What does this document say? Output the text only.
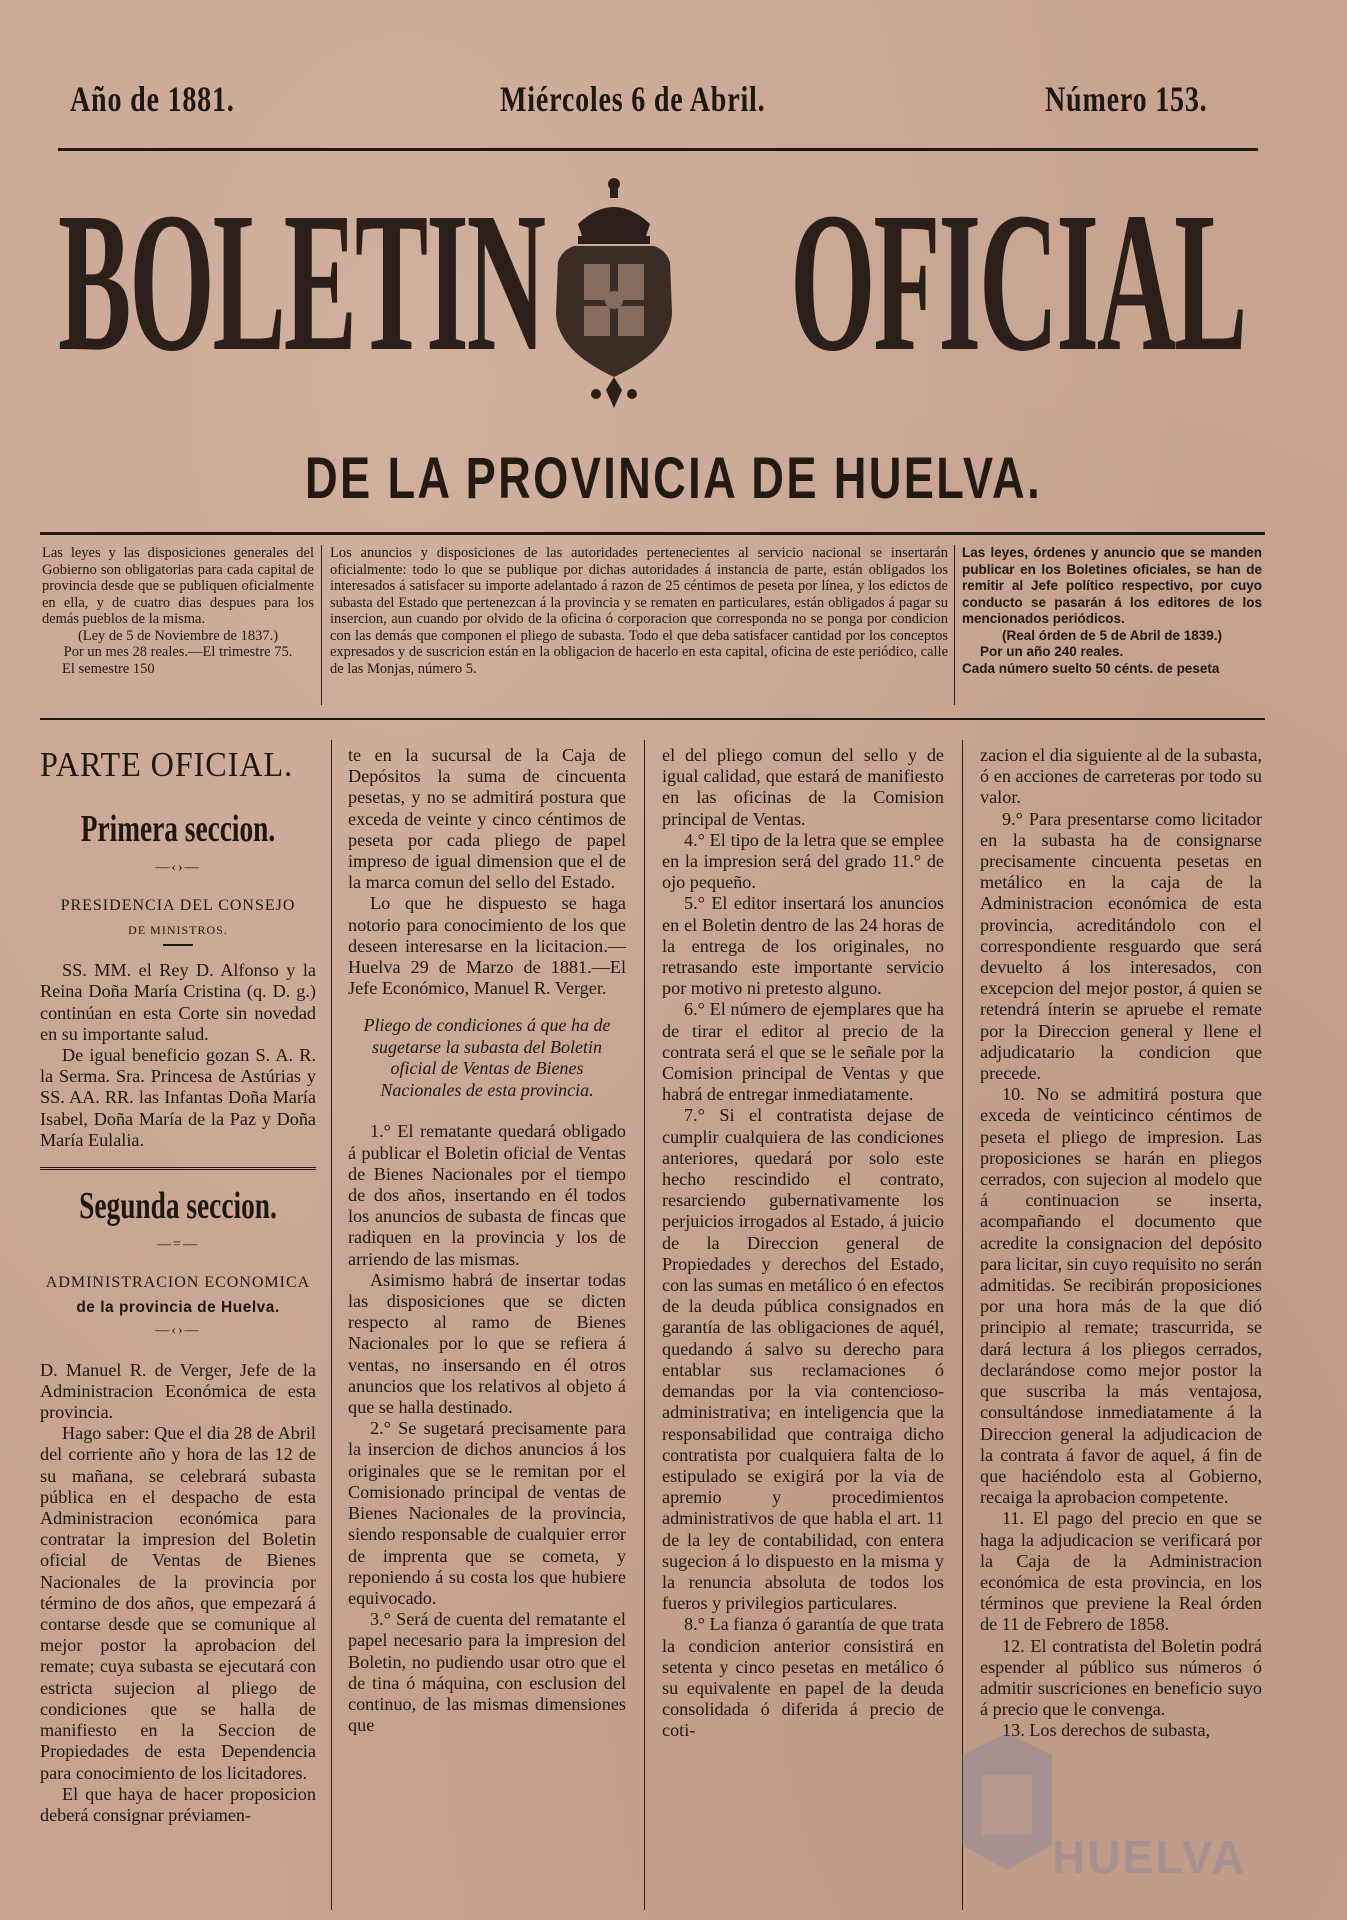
Año de 1881.	Miércoles 6 de Abril.	Número 153.
BOLETIN OFICIAL
DE LA PROVINCIA DE HUELVA.

Las leyes y las disposiciones generales del Gobierno son obligatorias para cada capital de provincia desde que se publiquen oficialmente en ella, y de cuatro dias despues para los demás pueblos de la misma.

(Ley de 5 de Noviembre de 1837.)

Por un mes 28 reales.—El trimestre 75.

El semestre 150

Los anuncios y disposiciones de las autoridades pertenecientes al servicio nacional se insertarán oficialmente: todo lo que se publique por dichas autoridades á instancia de parte, están obligados los interesados á satisfacer su importe adelantado á razon de 25 céntimos de peseta por línea, y los edictos de subasta del Estado que pertenezcan á la provincia y se rematen en particulares, están obligados á pagar su insercion, aun cuando por olvido de la oficina ó corporacion que corresponda no se ponga por condicion con las demás que componen el pliego de subasta. Todo el que deba satisfacer cantidad por los conceptos expresados y de suscricion están en la obligacion de hacerlo en esta capital, oficina de este periódico, calle de las Monjas, número 5.

Las leyes, órdenes y anuncio que se manden publicar en los Boletines oficiales, se han de remitir al Jefe político respectivo, por cuyo conducto se pasarán á los editores de los mencionados periódicos.

(Real órden de 5 de Abril de 1839.)

Por un año 240 reales.

Cada número suelto 50 cénts. de peseta

PARTE OFICIAL.
Primera seccion.
—‹›—
PRESIDENCIA DEL CONSEJO
DE MINISTROS.

SS. MM. el Rey D. Alfonso y la Reina Doña María Cristina (q. D. g.) continúan en esta Corte sin novedad en su importante salud.

De igual beneficio gozan S. A. R. la Serma. Sra. Princesa de Astúrias y SS. AA. RR. las Infantas Doña María Isabel, Doña María de la Paz y Doña María Eulalia.

Segunda seccion.
—=—
ADMINISTRACION ECONOMICA
de la provincia de Huelva.
—‹›—

D. Manuel R. de Verger, Jefe de la Administracion Económica de esta provincia.

Hago saber: Que el dia 28 de Abril del corriente año y hora de las 12 de su mañana, se celebrará subasta pública en el despacho de esta Administracion económica para contratar la impresion del Boletin oficial de Ventas de Bienes Nacionales de la provincia por término de dos años, que empezará á contarse desde que se comunique al mejor postor la aprobacion del remate; cuya subasta se ejecutará con estricta sujecion al pliego de condiciones que se halla de manifiesto en la Seccion de Propiedades de esta Dependencia para conocimiento de los licitadores.

El que haya de hacer proposicion deberá consignar préviamen-

te en la sucursal de la Caja de Depósitos la suma de cincuenta pesetas, y no se admitirá postura que exceda de veinte y cinco céntimos de peseta por cada pliego de papel impreso de igual dimension que el de la marca comun del sello del Estado.

Lo que he dispuesto se haga notorio para conocimiento de los que deseen interesarse en la licitacion.—Huelva 29 de Marzo de 1881.—El Jefe Económico, Manuel R. Verger.

Pliego de condiciones á que ha de sugetarse la subasta del Boletin oficial de Ventas de Bienes Nacionales de esta provincia.

1.° El rematante quedará obligado á publicar el Boletin oficial de Ventas de Bienes Nacionales por el tiempo de dos años, insertando en él todos los anuncios de subasta de fincas que radiquen en la provincia y los de arriendo de las mismas.

Asimismo habrá de insertar todas las disposiciones que se dicten respecto al ramo de Bienes Nacionales por lo que se refiera á ventas, no insersando en él otros anuncios que los relativos al objeto á que se halla destinado.

2.° Se sugetará precisamente para la insercion de dichos anuncios á los originales que se le remitan por el Comisionado principal de ventas de Bienes Nacionales de la provincia, siendo responsable de cualquier error de imprenta que se cometa, y reponiendo á su costa los que hubiere equivocado.

3.° Será de cuenta del rematante el papel necesario para la impresion del Boletin, no pudiendo usar otro que el de tina ó máquina, con esclusion del continuo, de las mismas dimensiones que

el del pliego comun del sello y de igual calidad, que estará de manifiesto en las oficinas de la Comision principal de Ventas.

4.° El tipo de la letra que se emplee en la impresion será del grado 11.° de ojo pequeño.

5.° El editor insertará los anuncios en el Boletin dentro de las 24 horas de la entrega de los originales, no retrasando este importante servicio por motivo ni pretesto alguno.

6.° El número de ejemplares que ha de tirar el editor al precio de la contrata será el que se le señale por la Comision principal de Ventas y que habrá de entregar inmediatamente.

7.° Si el contratista dejase de cumplir cualquiera de las condiciones anteriores, quedará por solo este hecho rescindido el contrato, resarciendo gubernativamente los perjuicios irrogados al Estado, á juicio de la Direccion general de Propiedades y derechos del Estado, con las sumas en metálico ó en efectos de la deuda pública consignados en garantía de las obligaciones de aquél, quedando á salvo su derecho para entablar sus reclamaciones ó demandas por la via contencioso-administrativa; en inteligencia que la responsabilidad que contraiga dicho contratista por cualquiera falta de lo estipulado se exigirá por la via de apremio y procedimientos administrativos de que habla el art. 11 de la ley de contabilidad, con entera sugecion á lo dispuesto en la misma y la renuncia absoluta de todos los fueros y privilegios particulares.

8.° La fianza ó garantía de que trata la condicion anterior consistirá en setenta y cinco pesetas en metálico ó su equivalente en papel de la deuda consolidada ó diferida á precio de coti-

zacion el dia siguiente al de la subasta, ó en acciones de carreteras por todo su valor.

9.° Para presentarse como licitador en la subasta ha de consignarse precisamente cincuenta pesetas en metálico en la caja de la Administracion económica de esta provincia, acreditándolo con el correspondiente resguardo que será devuelto á los interesados, con excepcion del mejor postor, á quien se retendrá ínterin se apruebe el remate por la Direccion general y llene el adjudicatario la condicion que precede.

10. No se admitirá postura que exceda de veinticinco céntimos de peseta el pliego de impresion. Las proposiciones se harán en pliegos cerrados, con sujecion al modelo que á continuacion se inserta, acompañando el documento que acredite la consignacion del depósito para licitar, sin cuyo requisito no serán admitidas. Se recibirán proposiciones por una hora más de la que dió principio al remate; trascurrida, se dará lectura á los pliegos cerrados, declarándose como mejor postor la que suscriba la más ventajosa, consultándose inmediatamente á la Direccion general la adjudicacion de la contrata á favor de aquel, á fin de que haciéndolo esta al Gobierno, recaiga la aprobacion competente.

11. El pago del precio en que se haga la adjudicacion se verificará por la Caja de la Administracion económica de esta provincia, en los términos que previene la Real órden de 11 de Febrero de 1858.

12. El contratista del Boletin podrá espender al público sus números ó admitir suscriciones en beneficio suyo á precio que le convenga.

13. Los derechos de subasta,

HUELVA
